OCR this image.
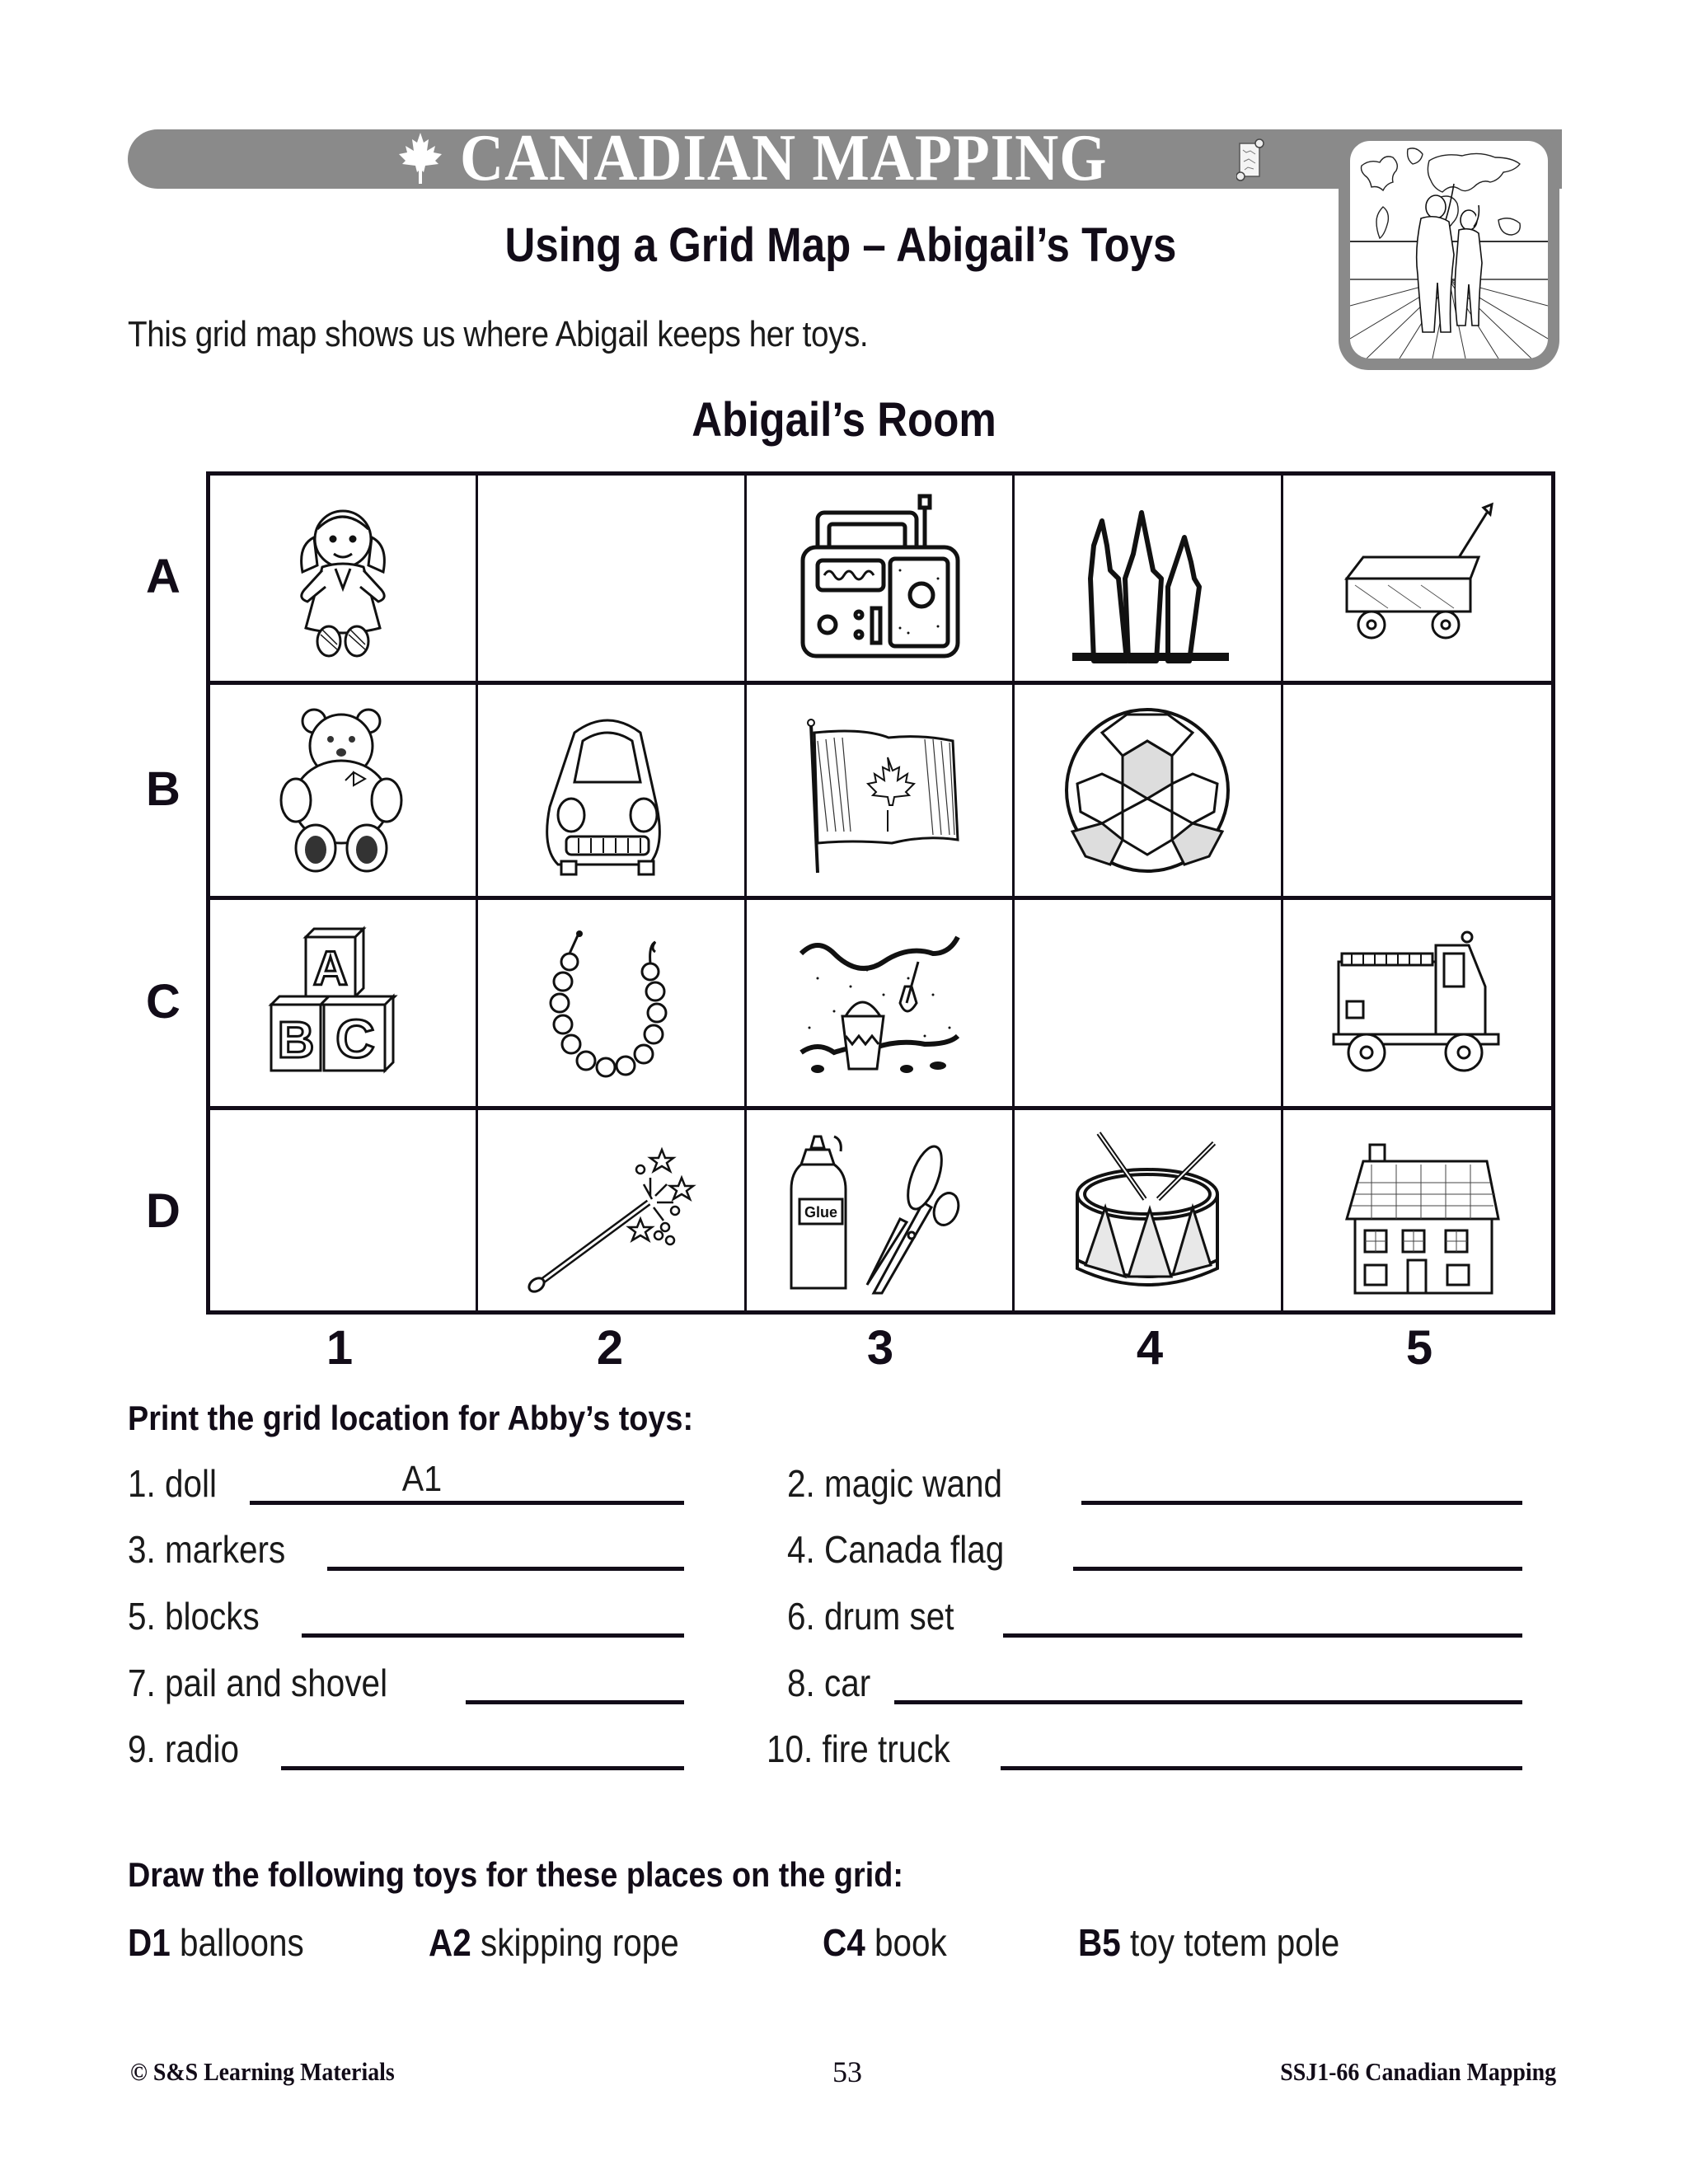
CANADIAN MAPPING
Using a Grid Map – Abigail’s Toys
This grid map shows us where Abigail keeps her toys.
Abigail’s Room
A
B
C
D
A
B C
Glue
1	2	3	4	5
Print the grid location for Abby’s toys:
1. doll	A1
3. markers
5. blocks
7. pail and shovel
9. radio
2. magic wand
4. Canada flag
6. drum set
8. car
10. fire truck
Draw the following toys for these places on the grid:
D1 balloons	A2 skipping rope	C4 book	B5 toy totem pole
© S&S Learning Materials	53	SSJ1-66 Canadian Mapping
